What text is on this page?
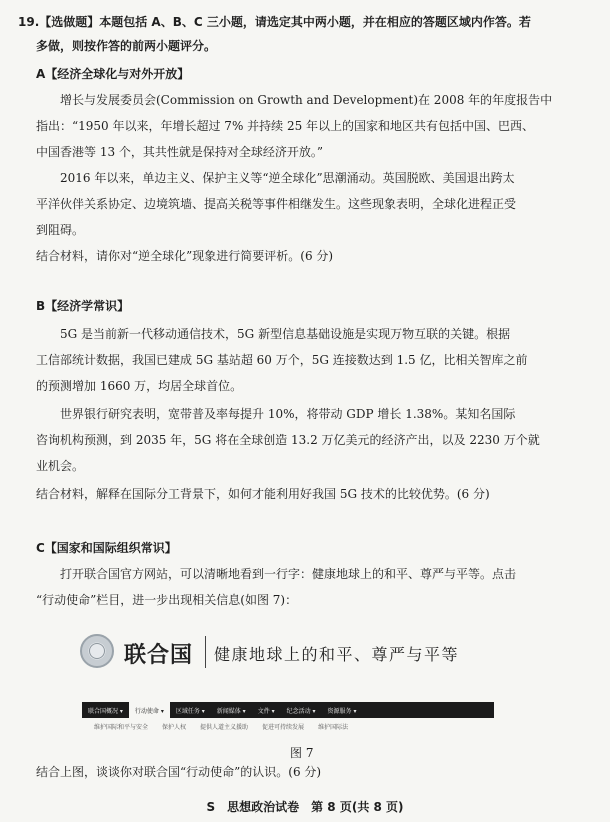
19.【选做题】本题包括 A、B、C 三小题，请选定其中两小题，并在相应的答题区域内作答。若
多做，则按作答的前两小题评分。
A【经济全球化与对外开放】
增长与发展委员会(Commission on Growth and Development)在 2008 年的年度报告中
指出：“1950 年以来，年增长超过 7% 并持续 25 年以上的国家和地区共有包括中国、巴西、
中国香港等 13 个，其共性就是保持对全球经济开放。”
2016 年以来，单边主义、保护主义等“逆全球化”思潮涌动。英国脱欧、美国退出跨太
平洋伙伴关系协定、边境筑墙、提高关税等事件相继发生。这些现象表明，全球化进程正受
到阻碍。
结合材料，请你对“逆全球化”现象进行简要评析。(6 分)
B【经济学常识】
5G 是当前新一代移动通信技术，5G 新型信息基础设施是实现万物互联的关键。根据
工信部统计数据，我国已建成 5G 基站超 60 万个，5G 连接数达到 1.5 亿，比相关智库之前
的预测增加 1660 万，均居全球首位。
世界银行研究表明，宽带普及率每提升 10%，将带动 GDP 增长 1.38%。某知名国际
咨询机构预测，到 2035 年，5G 将在全球创造 13.2 万亿美元的经济产出，以及 2230 万个就
业机会。
结合材料，解释在国际分工背景下，如何才能利用好我国 5G 技术的比较优势。(6 分)
C【国家和国际组织常识】
打开联合国官方网站，可以清晰地看到一行字：健康地球上的和平、尊严与平等。点击
“行动使命”栏目，进一步出现相关信息(如图 7)：
联合国 健康地球上的和平、尊严与平等
联合国概况 ▾	行动使命 ▾	区域任务 ▾	新闻媒体 ▾	文件 ▾	纪念活动 ▾	资源服务 ▾
维护国际和平与安全 保护人权 提供人道主义援助 促进可持续发展 维护国际法
图 7
结合上图，谈谈你对联合国“行动使命”的认识。(6 分)
S　思想政治试卷　第 8 页(共 8 页)
